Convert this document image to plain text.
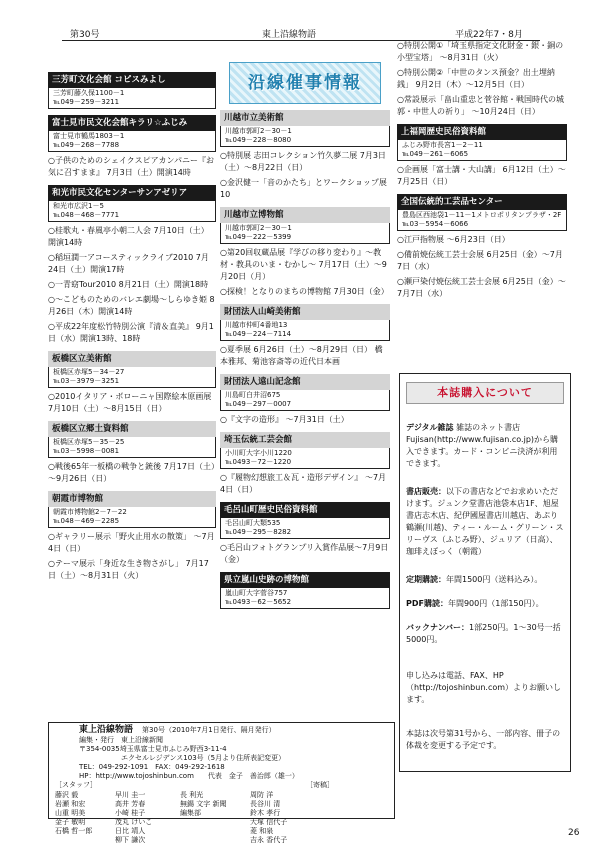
第30号	東上沿線物語	平成22年7・8月
三芳町文化会館 コピスみよし
三芳町藤久保1100－1
℡049－259－3211
富士見市民文化会館キラリ☆ふじみ
富士見市鶴馬1803－1
℡049－268－7788
○子供のためのシェイクスピアカンパニー『お気に召すまま』 7月3日（土）開演14時
和光市民文化センターサンアゼリア
和光市広沢1－5
℡048－468－7771
○桂歌丸・春風亭小朝二人会 7月10日（土）開演14時
○稲垣潤一アコースティックライブ2010 7月24日（土）開演17時
○一青窈Tour2010 8月21日（土）開演18時
○～こどものためのバレエ劇場～しらゆき姫 8月26日（木）開演14時
○平成22年度松竹特別公演『清＆直美』 9月1日（水）開演13時、18時
板橋区立美術館
板橋区赤塚5－34－27
℡03－3979－3251
○2010イタリア・ボローニャ国際絵本原画展 7月10日（土）～8月15日（日）
板橋区立郷土資料館
板橋区赤塚5－35－25
℡03－5998－0081
○戦後65年一板橋の戦争と銃後 7月17日（土）～9月26日（日）
朝霞市博物館
朝霞市博物館2－7－22
℡048－469－2285
○ギャラリー展示「野火止用水の散策」 ～7月4日（日）
○テーマ展示「身近な生き物さがし」 7月17日（土）～8月31日（火）
沿線催事情報
川越市立美術館
川越市郭町2－30－1
℡049－228－8080
○特別展 志田コレクション竹久夢二展 7月3日（土）～8月22日（日）
○金沢健一「音のかたち」とワークショップ展10
川越市立博物館
川越市郭町2－30－1
℡049－222－5399
○第20回収蔵品展『学びの移り変わり』～教材・教具のいま・むかし～ 7月17日（土）～9月20日（月）
○探検！となりのまちの博物館 7月30日（金）
財団法人山崎美術館
川越市仲町4番地13
℡049－224－7114
○夏季展 6月26日（土）～8月29日（日） 橋本雅邦、菊池容斎等の近代日本画
財団法人遠山記念館
川島町白井沼675
℡049－297－0007
○『文字の造形』 ～7月31日（土）
埼玉伝統工芸会館
小川町大字小川1220
℡0493－72－1220
○『履物幻想旅工＆瓦・造形デザイン』 ～7月4日（日）
毛呂山町歴史民俗資料館
毛呂山町大類535
℡049－295－8282
○毛呂山フォトグランプリ入賞作品展～7月9日（金）
県立嵐山史跡の博物館
嵐山町大字菅谷757
℡0493－62－5652
○特別公開①「埼玉県指定文化財金・銀・銅の小型宝塔」 ～8月31日（火）
○特別公開②「中世のタンス預金？出土埋納銭」 9月2日（木）～12月5日（日）
○常設展示「畠山重忠と菅谷館・戦国時代の城郭・中世人の祈り」 ～10月24日（日）
上福岡歴史民俗資料館
ふじみ野市長宮1－2－11
℡049－261－6065
○企画展「富士講・大山講」 6月12日（土）～7月25日（日）
全国伝統的工芸品センター
豊島区西池袋1－11－1メトロポリタンプラザ・2F
℡03－5954－6066
○江戸指物展 ～6月23日（日）
○備前焼伝統工芸士会展 6月25日（金）～7月7日（水）
○瀬戸染付焼伝統工芸士会展 6月25日（金）～7月7日（水）
本誌購入について

デジタル雑誌 雑誌のネット書店Fujisan(http://www.fujisan.co.jp)から購入できます。カード・コンビニ決済が利用できます。

書店販売：以下の書店などでお求めいただけます。ジュンク堂書店池袋本店1F、旭屋書店志木店、紀伊國屋書店川越店、あぷり鶴瀬(川越)、ティー・ルーム・グリーン・スリーヴス（ふじみ野）、ジュリア（日高）、珈琲えぼっく（朝霞）

定期購読：年間1500円（送料込み）。

PDF購読：年間900円（1部150円）。

バックナンバー：1部250円。1～30号一括5000円。

申し込みは電話、FAX、HP（http://tojoshinbun.com）よりお願いします。

本誌は次号第31号から、一部内容、冊子の体裁を変更する予定です。

東上沿線物語　 第30号（2010年7月1日発行、隔月発行）
編集・発行　東上沿線新聞
〒354-0035埼玉県富士見市ふじみ野西3-11-4
　　　　　　エクセルレジデンス103号（5月より住所表記変更）
TEL：049-292-1091　FAX：049-292-1618
HP：http://www.tojoshinbun.com　　代表　金子　善治郎（雄一）
［スタッフ］	［寄稿］
藤沢 毅
岩瀬 和宏
山重 明美
金子 敏明
石橋 哲一郎
早川 圭一
高井 芳春
小崎 桂子
茂丸 けいこ
日比 靖人
柳下 謙次
長 利光
無錫 文字 新聞
編集部
周防 洋
長谷川 清
鈴木 孝行
大塚 信代子
菱 和泉
吉永 香代子
26
